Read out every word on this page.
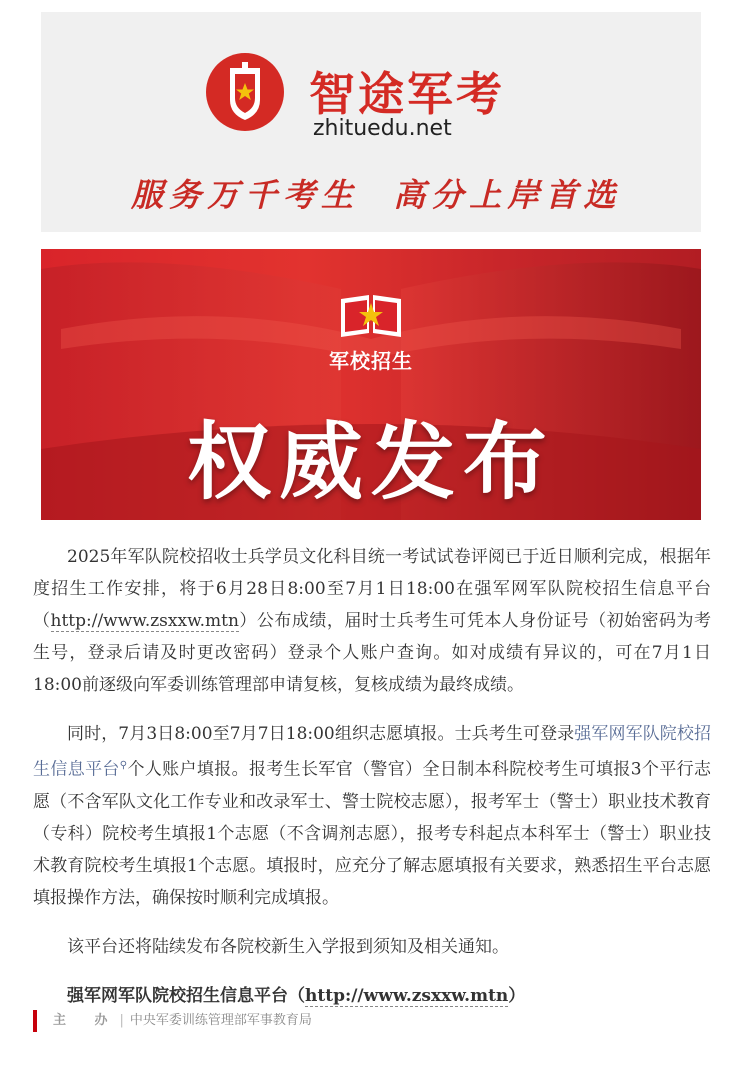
智途军考
zhituedu.net
服务万千考生  高分上岸首选
军校招生
权威发布

2025年军队院校招收士兵学员文化科目统一考试试卷评阅已于近日顺利完成，根据年度招生工作安排，将于6月28日8:00至7月1日18:00在强军网军队院校招生信息平台（http://www.zsxxw.mtn）公布成绩，届时士兵考生可凭本人身份证号（初始密码为考生号，登录后请及时更改密码）登录个人账户查询。如对成绩有异议的，可在7月1日18:00前逐级向军委训练管理部申请复核，复核成绩为最终成绩。

同时，7月3日8:00至7月7日18:00组织志愿填报。士兵考生可登录强军网军队院校招生信息平台⚲个人账户填报。报考生长军官（警官）全日制本科院校考生可填报3个平行志愿（不含军队文化工作专业和改录军士、警士院校志愿），报考军士（警士）职业技术教育（专科）院校考生填报1个志愿（不含调剂志愿），报考专科起点本科军士（警士）职业技术教育院校考生填报1个志愿。填报时，应充分了解志愿填报有关要求，熟悉招生平台志愿填报操作方法，确保按时顺利完成填报。

该平台还将陆续发布各院校新生入学报到须知及相关通知。

强军网军队院校招生信息平台（http://www.zsxxw.mtn）

主 办| 中央军委训练管理部军事教育局
